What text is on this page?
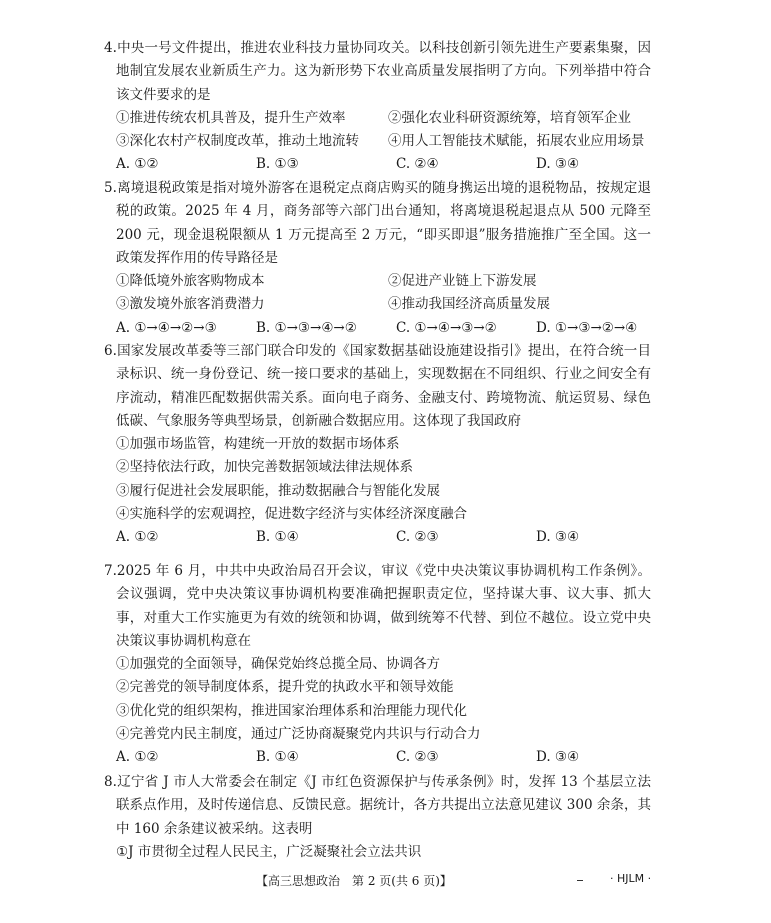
4.中央一号文件提出，推进农业科技力量协同攻关。以科技创新引领先进生产要素集聚，因地制宜发展农业新质生产力。这为新形势下农业高质量发展指明了方向。下列举措中符合该文件要求的是

①推进传统农机具普及，提升生产效率	②强化农业科研资源统筹，培育领军企业
③深化农村产权制度改革，推动土地流转	④用人工智能技术赋能，拓展农业应用场景
A. ①②	B. ①③	C. ②④	D. ③④

5.离境退税政策是指对境外游客在退税定点商店购买的随身携运出境的退税物品，按规定退税的政策。2025 年 4 月，商务部等六部门出台通知，将离境退税起退点从 500 元降至 200 元，现金退税限额从 1 万元提高至 2 万元，“即买即退”服务措施推广至全国。这一政策发挥作用的传导路径是

①降低境外旅客购物成本	②促进产业链上下游发展
③激发境外旅客消费潜力	④推动我国经济高质量发展
A. ①→④→②→③	B. ①→③→④→②	C. ①→④→③→②	D. ①→③→②→④

6.国家发展改革委等三部门联合印发的《国家数据基础设施建设指引》提出，在符合统一目录标识、统一身份登记、统一接口要求的基础上，实现数据在不同组织、行业之间安全有序流动，精准匹配数据供需关系。面向电子商务、金融支付、跨境物流、航运贸易、绿色低碳、气象服务等典型场景，创新融合数据应用。这体现了我国政府

①加强市场监管，构建统一开放的数据市场体系
②坚持依法行政，加快完善数据领域法律法规体系
③履行促进社会发展职能，推动数据融合与智能化发展
④实施科学的宏观调控，促进数字经济与实体经济深度融合
A. ①②	B. ①④	C. ②③	D. ③④

7.2025 年 6 月，中共中央政治局召开会议，审议《党中央决策议事协调机构工作条例》。会议强调，党中央决策议事协调机构要准确把握职责定位，坚持谋大事、议大事、抓大事，对重大工作实施更为有效的统领和协调，做到统筹不代替、到位不越位。设立党中央决策议事协调机构意在

①加强党的全面领导，确保党始终总揽全局、协调各方
②完善党的领导制度体系，提升党的执政水平和领导效能
③优化党的组织架构，推进国家治理体系和治理能力现代化
④完善党内民主制度，通过广泛协商凝聚党内共识与行动合力
A. ①②	B. ①④	C. ②③	D. ③④

8.辽宁省 J 市人大常委会在制定《J 市红色资源保护与传承条例》时，发挥 13 个基层立法联系点作用，及时传递信息、反馈民意。据统计，各方共提出立法意见建议 300 余条，其中 160 余条建议被采纳。这表明

①J 市贯彻全过程人民民主，广泛凝聚社会立法共识
【高三思想政治　第 2 页(共 6 页)】	· HJLM ·
